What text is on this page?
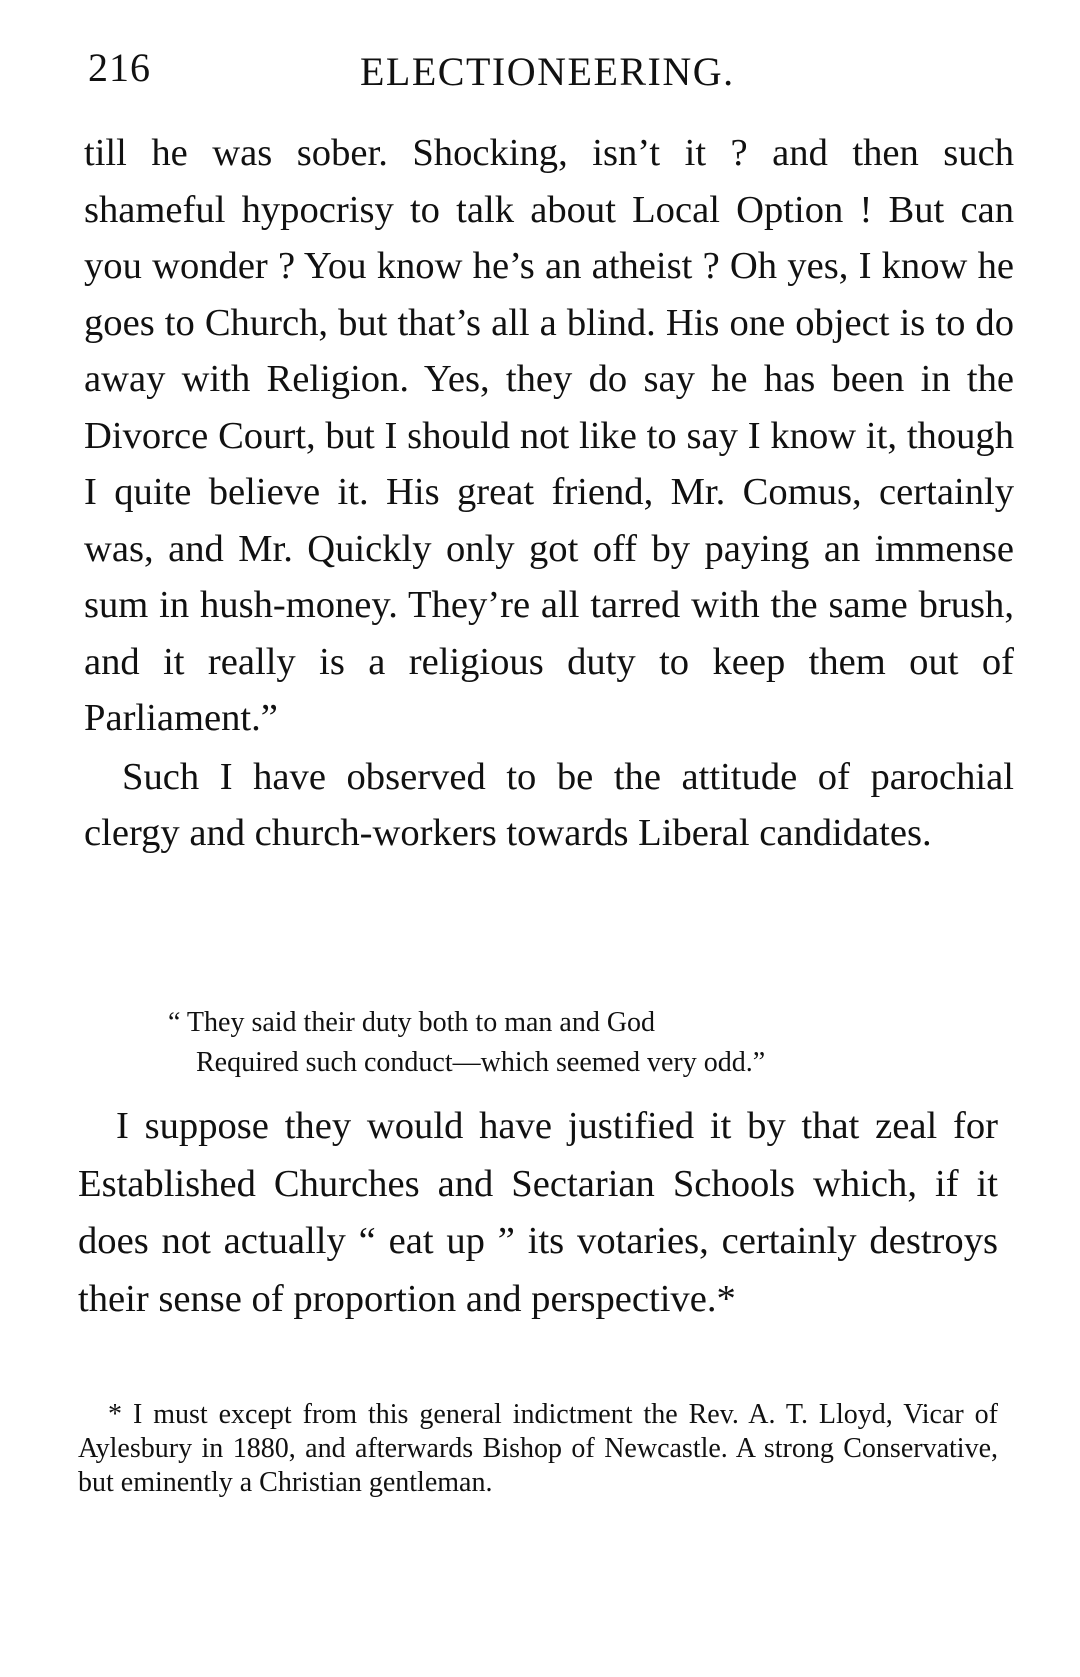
216	ELECTIONEERING.

till he was sober. Shocking, isn’t it ? and then such shameful hypocrisy to talk about Local Option ! But can you wonder ? You know he’s an atheist ? Oh yes, I know he goes to Church, but that’s all a blind. His one object is to do away with Religion. Yes, they do say he has been in the Divorce Court, but I should not like to say I know it, though I quite believe it. His great friend, Mr. Comus, certainly was, and Mr. Quickly only got off by paying an immense sum in hush-money. They’re all tarred with the same brush, and it really is a religious duty to keep them out of Parliament.”

Such I have observed to be the attitude of parochial clergy and church-workers towards Liberal candidates.

“ They said their duty both to man and God
Required such conduct—which seemed very odd.”

I suppose they would have justified it by that zeal for Established Churches and Sectarian Schools which, if it does not actually “ eat up ” its votaries, certainly destroys their sense of proportion and perspective.*

* I must except from this general indictment the Rev. A. T. Lloyd, Vicar of Aylesbury in 1880, and afterwards Bishop of Newcastle. A strong Conservative, but eminently a Christian gentleman.
